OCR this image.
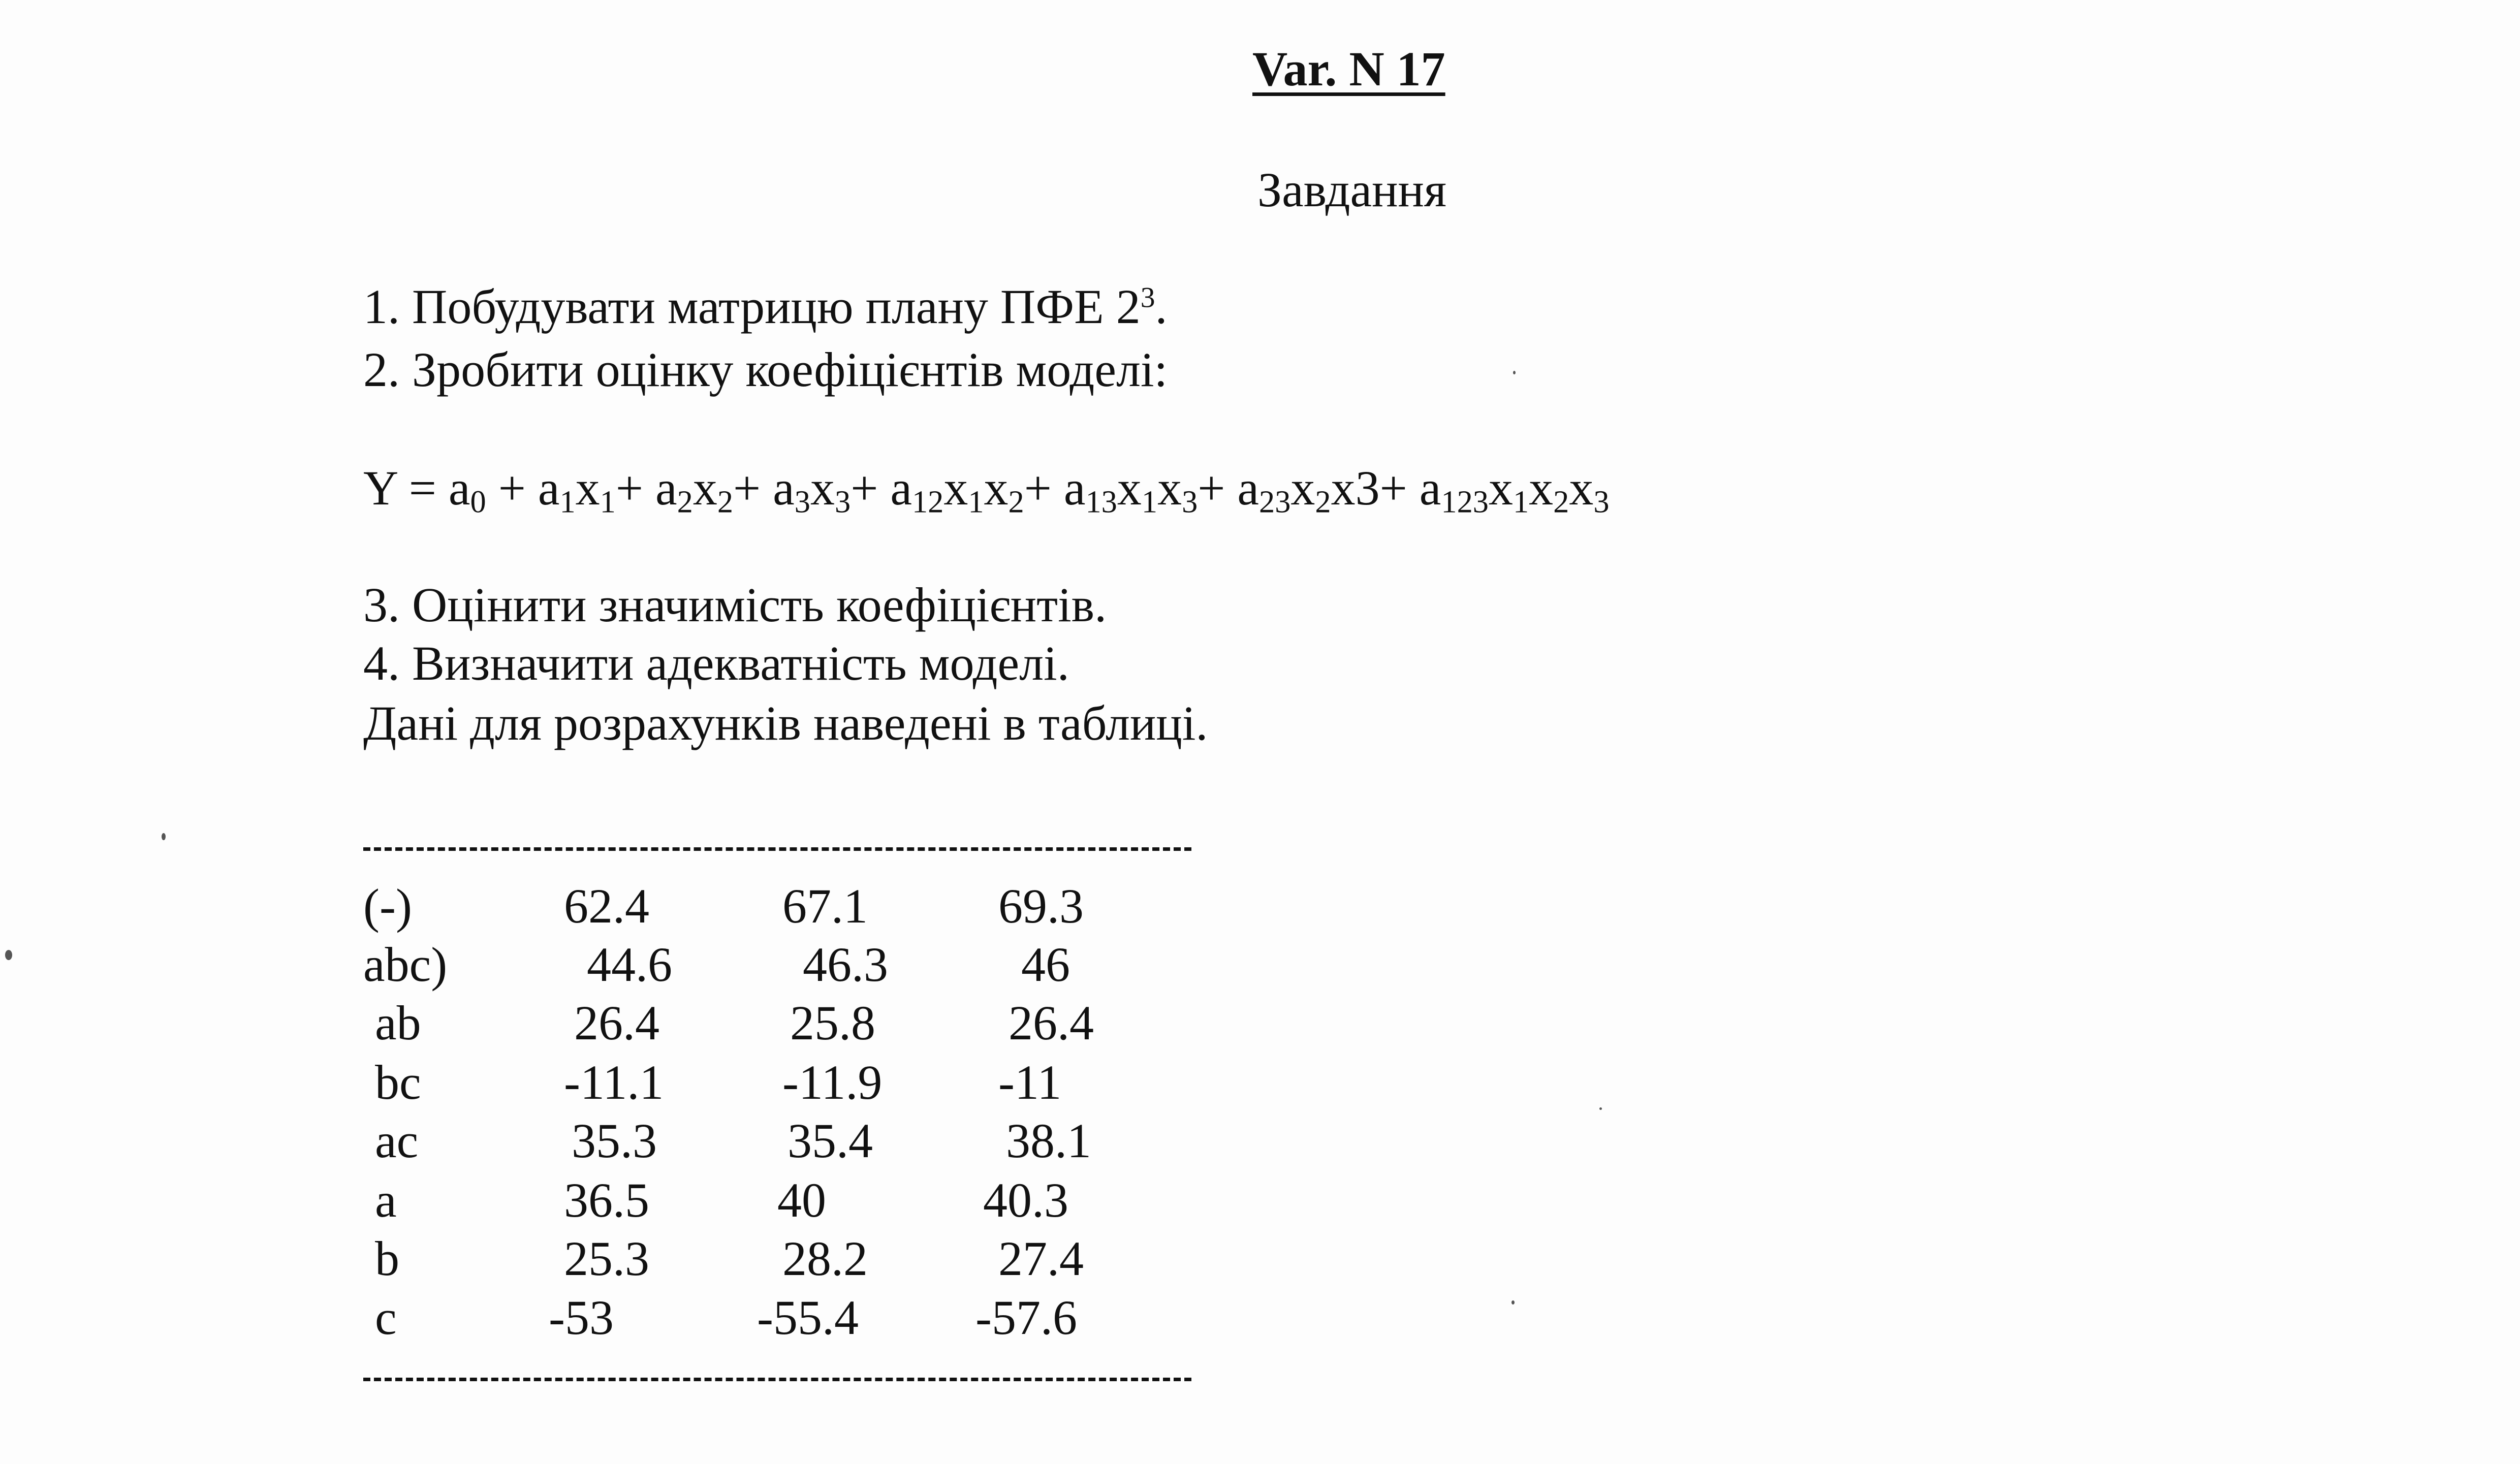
Var. N 17
Завдання
1. Побудувати матрицю плану ПФЕ $2^3$.
2. Зробити оцінку коефіцієнтів моделі:
$Y = a_0 + a_1x_1+ a_2x_2+ a_3x_3+ a_{12}x_1x_2+ a_{13}x_1x_3+ a_{23}x_2x3+ a_{123}x_1x_2x_3$
3. Оцінити значимість коефіцієнтів.
4. Визначити адекватність моделі.
Дані для розрахунків наведені в таблиці.
(-)	62.4	67.1	69.3
abc)	44.6	46.3	46
ab	26.4	25.8	26.4
bc	-11.1 -11.9 -11
ac	35.3	35.4	38.1
a	36.5	40	40.3
b	25.3	28.2	27.4
c	-53	-55.4 -57.6
